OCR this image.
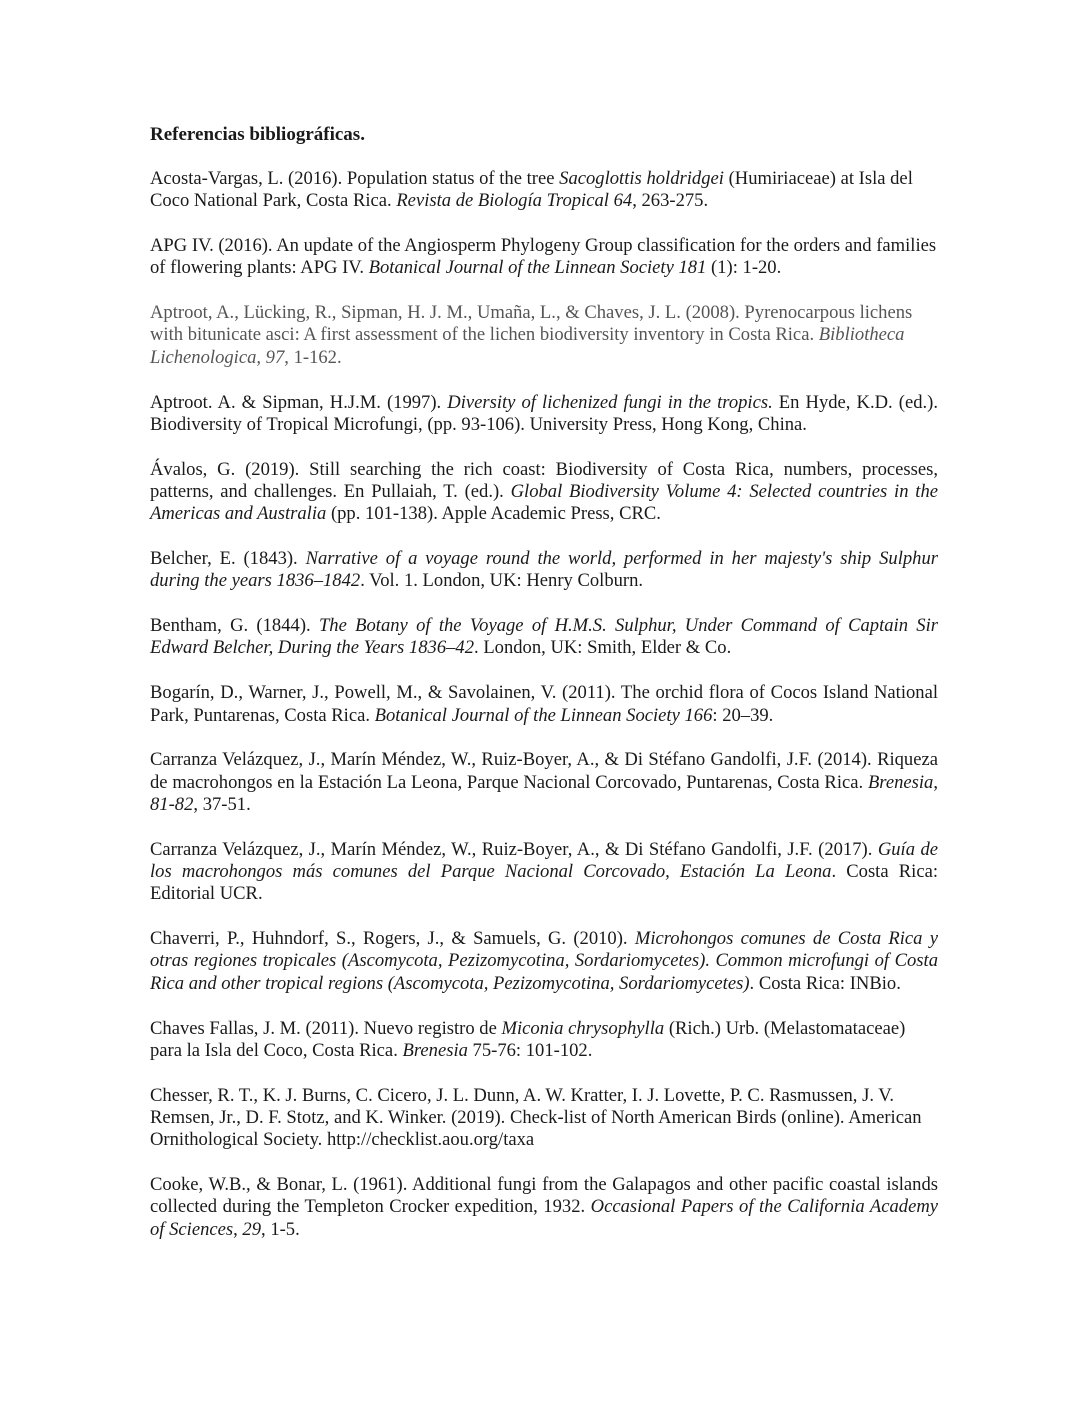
Referencias bibliográficas.

Acosta-Vargas, L. (2016). Population status of the tree Sacoglottis holdridgei (Humiriaceae) at Isla del Coco National Park, Costa Rica. Revista de Biología Tropical 64, 263-275.

APG IV. (2016). An update of the Angiosperm Phylogeny Group classification for the orders and families of flowering plants: APG IV. Botanical Journal of the Linnean Society 181 (1): 1-20.

Aptroot, A., Lücking, R., Sipman, H. J. M., Umaña, L., & Chaves, J. L. (2008). Pyrenocarpous lichens with bitunicate asci: A first assessment of the lichen biodiversity inventory in Costa Rica. Bibliotheca Lichenologica, 97, 1-162.

Aptroot. A. & Sipman, H.J.M. (1997). Diversity of lichenized fungi in the tropics. En Hyde, K.D. (ed.). Biodiversity of Tropical Microfungi, (pp. 93-106). University Press, Hong Kong, China.

Ávalos, G. (2019). Still searching the rich coast: Biodiversity of Costa Rica, numbers, processes, patterns, and challenges. En Pullaiah, T. (ed.). Global Biodiversity Volume 4: Selected countries in the Americas and Australia (pp. 101-138). Apple Academic Press, CRC.

Belcher, E. (1843). Narrative of a voyage round the world, performed in her majesty's ship Sulphur during the years 1836–1842. Vol. 1. London, UK: Henry Colburn.

Bentham, G. (1844). The Botany of the Voyage of H.M.S. Sulphur, Under Command of Captain Sir Edward Belcher, During the Years 1836–42. London, UK: Smith, Elder & Co.

Bogarín, D., Warner, J., Powell, M., & Savolainen, V. (2011). The orchid flora of Cocos Island National Park, Puntarenas, Costa Rica. Botanical Journal of the Linnean Society 166: 20–39.

Carranza Velázquez, J., Marín Méndez, W., Ruiz-Boyer, A., & Di Stéfano Gandolfi, J.F. (2014). Riqueza de macrohongos en la Estación La Leona, Parque Nacional Corcovado, Puntarenas, Costa Rica. Brenesia, 81-82, 37-51.

Carranza Velázquez, J., Marín Méndez, W., Ruiz-Boyer, A., & Di Stéfano Gandolfi, J.F. (2017). Guía de los macrohongos más comunes del Parque Nacional Corcovado, Estación La Leona. Costa Rica: Editorial UCR.

Chaverri, P., Huhndorf, S., Rogers, J., & Samuels, G. (2010). Microhongos comunes de Costa Rica y otras regiones tropicales (Ascomycota, Pezizomycotina, Sordariomycetes). Common microfungi of Costa Rica and other tropical regions (Ascomycota, Pezizomycotina, Sordariomycetes). Costa Rica: INBio.

Chaves Fallas, J. M. (2011). Nuevo registro de Miconia chrysophylla (Rich.) Urb. (Melastomataceae) para la Isla del Coco, Costa Rica. Brenesia 75-76: 101-102.

Chesser, R. T., K. J. Burns, C. Cicero, J. L. Dunn, A. W. Kratter, I. J. Lovette, P. C. Rasmussen, J. V. Remsen, Jr., D. F. Stotz, and K. Winker. (2019). Check-list of North American Birds (online). American Ornithological Society. http://checklist.aou.org/taxa

Cooke, W.B., & Bonar, L. (1961). Additional fungi from the Galapagos and other pacific coastal islands collected during the Templeton Crocker expedition, 1932. Occasional Papers of the California Academy of Sciences, 29, 1-5.
